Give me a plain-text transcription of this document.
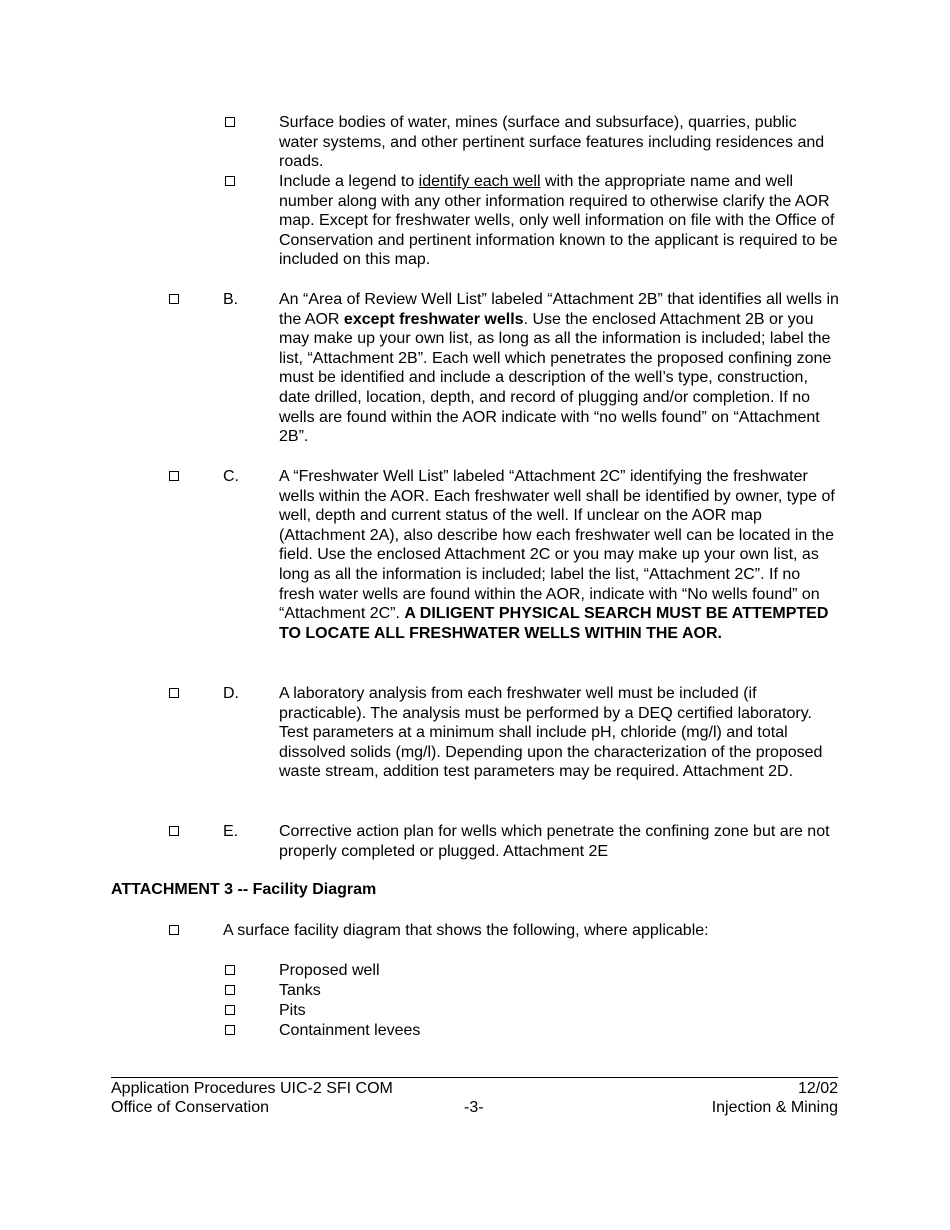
Surface bodies of water, mines (surface and subsurface), quarries, public water systems, and other pertinent surface features including residences and roads.
Include a legend to identify each well with the appropriate name and well number along with any other information required to otherwise clarify the AOR map. Except for freshwater wells, only well information on file with the Office of Conservation and pertinent information known to the applicant is required to be included on this map.
B.	An “Area of Review Well List” labeled “Attachment 2B” that identifies all wells in the AOR except freshwater wells. Use the enclosed Attachment 2B or you may make up your own list, as long as all the information is included; label the list, “Attachment 2B”. Each well which penetrates the proposed confining zone must be identified and include a description of the well’s type, construction, date drilled, location, depth, and record of plugging and/or completion. If no wells are found within the AOR indicate with “no wells found” on “Attachment 2B”.
C.	A “Freshwater Well List” labeled “Attachment 2C” identifying the freshwater wells within the AOR. Each freshwater well shall be identified by owner, type of well, depth and current status of the well. If unclear on the AOR map (Attachment 2A), also describe how each freshwater well can be located in the field. Use the enclosed Attachment 2C or you may make up your own list, as long as all the information is included; label the list, “Attachment 2C”. If no fresh water wells are found within the AOR, indicate with “No wells found” on “Attachment 2C”. A DILIGENT PHYSICAL SEARCH MUST BE ATTEMPTED TO LOCATE ALL FRESHWATER WELLS WITHIN THE AOR.
D.	A laboratory analysis from each freshwater well must be included (if practicable). The analysis must be performed by a DEQ certified laboratory. Test parameters at a minimum shall include pH, chloride (mg/l) and total dissolved solids (mg/l). Depending upon the characterization of the proposed waste stream, addition test parameters may be required. Attachment 2D.
E.	Corrective action plan for wells which penetrate the confining zone but are not properly completed or plugged. Attachment 2E
ATTACHMENT 3 -- Facility Diagram
A surface facility diagram that shows the following, where applicable:
Proposed well
Tanks
Pits
Containment levees
Application Procedures UIC-2 SFI COM
Office of Conservation	-3-
12/02
Injection & Mining
